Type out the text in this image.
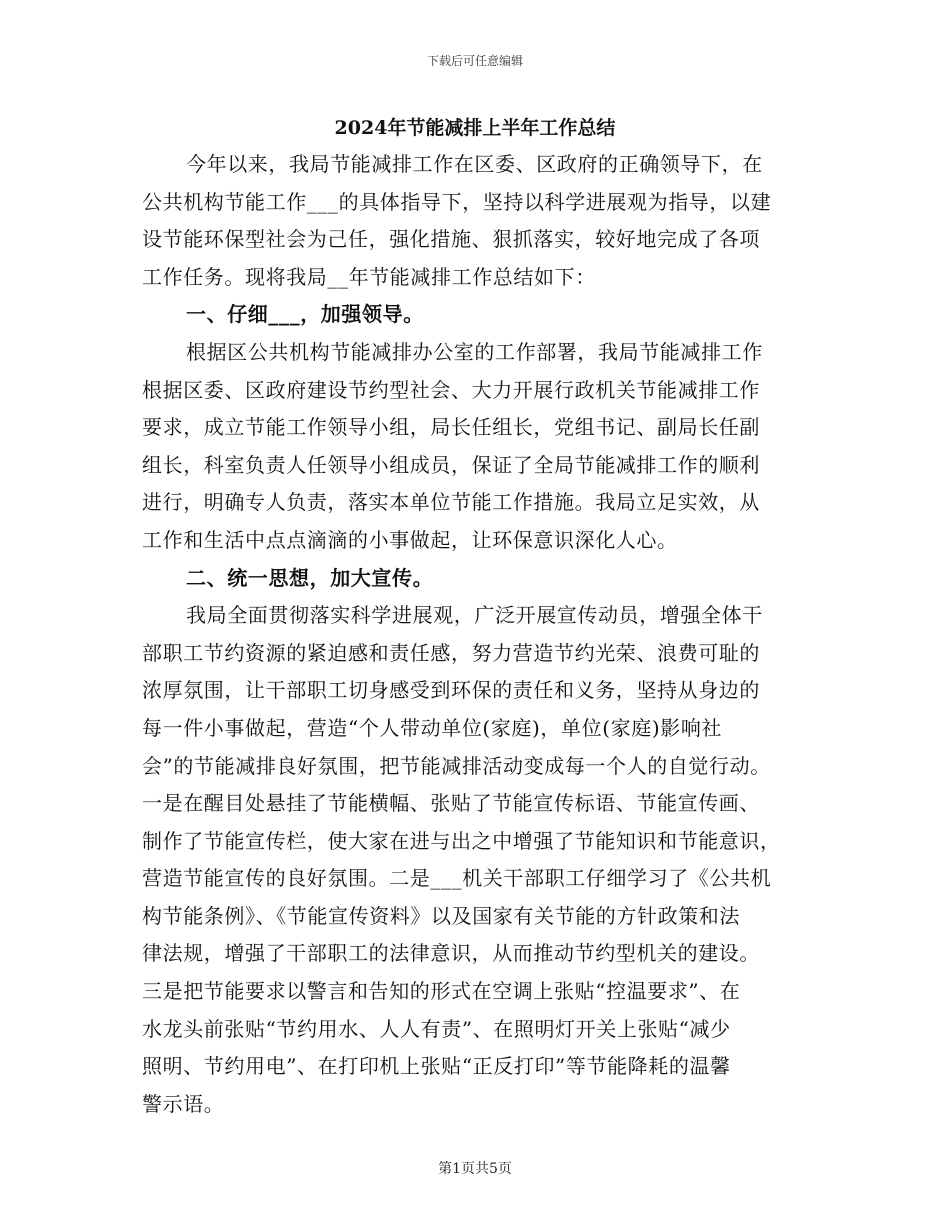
下载后可任意编辑
2024年节能减排上半年工作总结
今年以来，我局节能减排工作在区委、区政府的正确领导下，在
公共机构节能工作___的具体指导下，坚持以科学进展观为指导，以建
设节能环保型社会为己任，强化措施、狠抓落实，较好地完成了各项
工作任务。现将我局__年节能减排工作总结如下：
一、仔细___，加强领导。
根据区公共机构节能减排办公室的工作部署，我局节能减排工作
根据区委、区政府建设节约型社会、大力开展行政机关节能减排工作
要求，成立节能工作领导小组，局长任组长，党组书记、副局长任副
组长，科室负责人任领导小组成员，保证了全局节能减排工作的顺利
进行，明确专人负责，落实本单位节能工作措施。我局立足实效，从
工作和生活中点点滴滴的小事做起，让环保意识深化人心。
二、统一思想，加大宣传。
我局全面贯彻落实科学进展观，广泛开展宣传动员，增强全体干
部职工节约资源的紧迫感和责任感，努力营造节约光荣、浪费可耻的
浓厚氛围，让干部职工切身感受到环保的责任和义务，坚持从身边的
每一件小事做起，营造“个人带动单位(家庭)，单位(家庭)影响社
会”的节能减排良好氛围，把节能减排活动变成每一个人的自觉行动。
一是在醒目处悬挂了节能横幅、张贴了节能宣传标语、节能宣传画、
制作了节能宣传栏，使大家在进与出之中增强了节能知识和节能意识，
营造节能宣传的良好氛围。二是___机关干部职工仔细学习了《公共机
构节能条例》、《节能宣传资料》以及国家有关节能的方针政策和法
律法规，增强了干部职工的法律意识，从而推动节约型机关的建设。
三是把节能要求以警言和告知的形式在空调上张贴“控温要求”、在
水龙头前张贴“节约用水、人人有责”、在照明灯开关上张贴“减少
照明、节约用电”、在打印机上张贴“正反打印”等节能降耗的温馨
警示语。
第1页共5页
